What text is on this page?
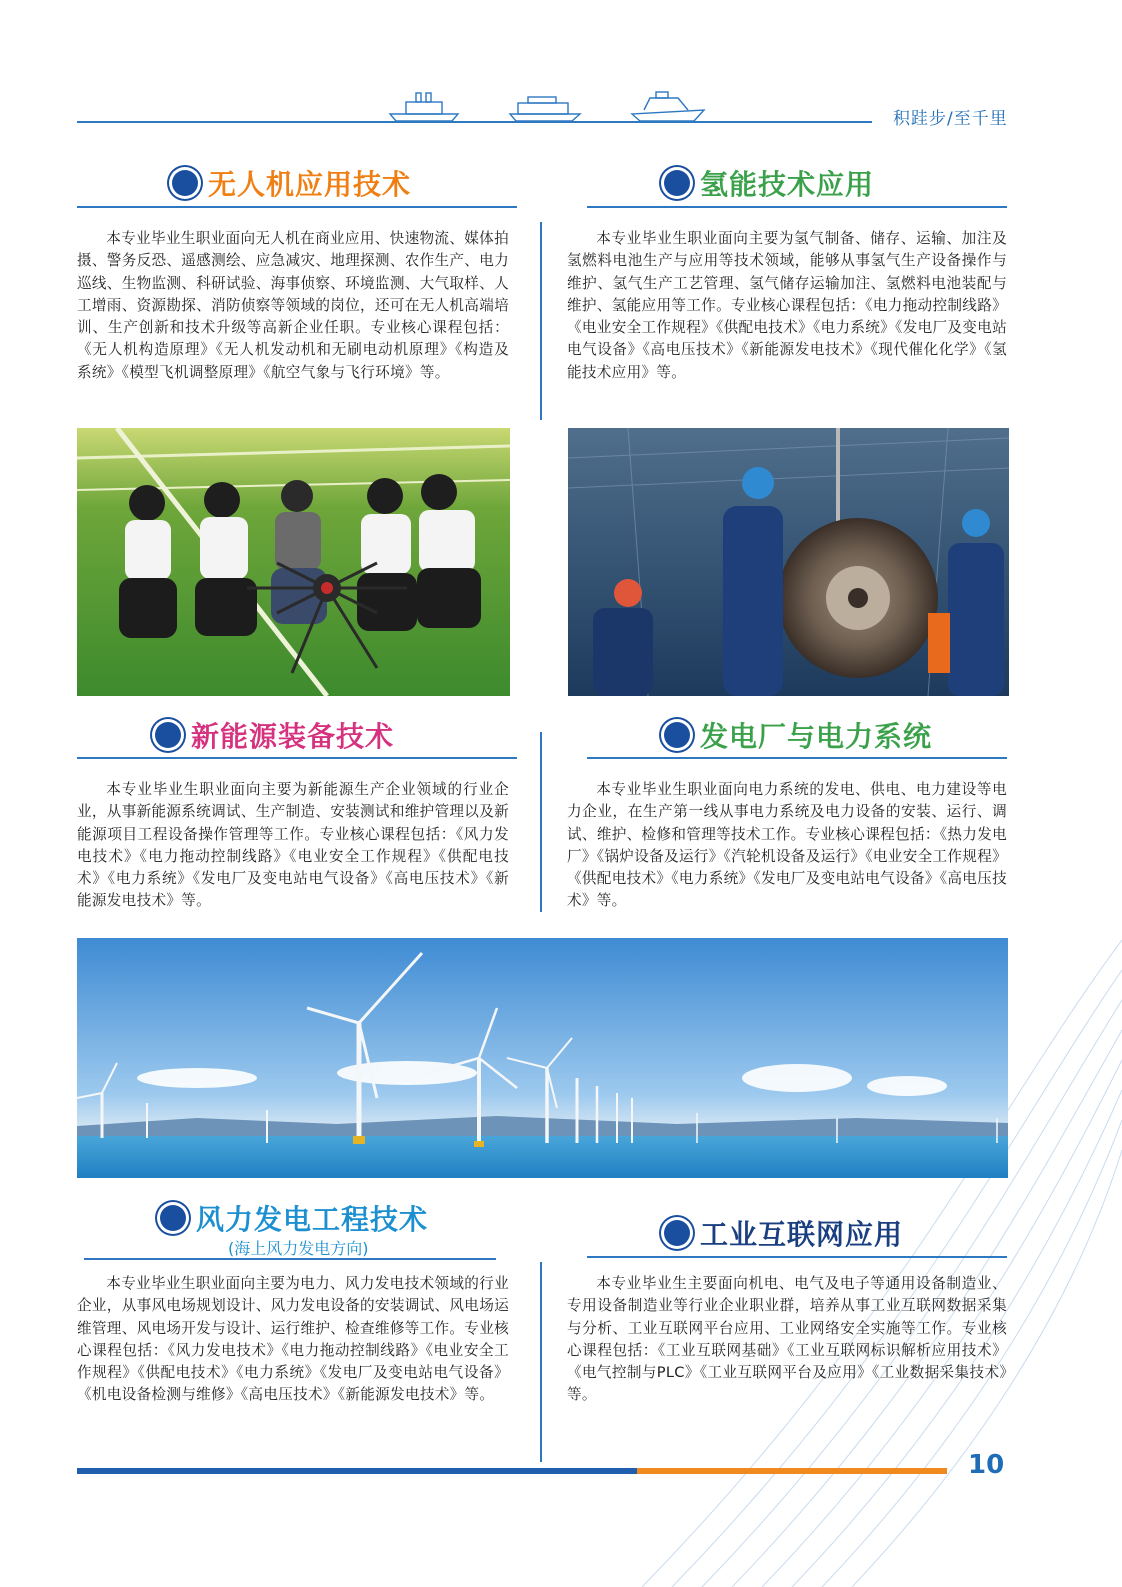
积跬步/至千里
无人机应用技术

本专业毕业生职业面向无人机在商业应用、快速物流、媒体拍摄、警务反恐、遥感测绘、应急减灾、地理探测、农作生产、电力巡线、生物监测、科研试验、海事侦察、环境监测、大气取样、人工增雨、资源勘探、消防侦察等领域的岗位，还可在无人机高端培训、生产创新和技术升级等高新企业任职。专业核心课程包括：《无人机构造原理》《无人机发动机和无刷电动机原理》《构造及系统》《模型飞机调整原理》《航空气象与飞行环境》等。

氢能技术应用

本专业毕业生职业面向主要为氢气制备、储存、运输、加注及氢燃料电池生产与应用等技术领域，能够从事氢气生产设备操作与维护、氢气生产工艺管理、氢气储存运输加注、氢燃料电池装配与维护、氢能应用等工作。专业核心课程包括：《电力拖动控制线路》《电业安全工作规程》《供配电技术》《电力系统》《发电厂及变电站电气设备》《高电压技术》《新能源发电技术》《现代催化化学》《氢能技术应用》等。

新能源装备技术

本专业毕业生职业面向主要为新能源生产企业领域的行业企业，从事新能源系统调试、生产制造、安装测试和维护管理以及新能源项目工程设备操作管理等工作。专业核心课程包括：《风力发电技术》《电力拖动控制线路》《电业安全工作规程》《供配电技术》《电力系统》《发电厂及变电站电气设备》《高电压技术》《新能源发电技术》等。

发电厂与电力系统

本专业毕业生职业面向电力系统的发电、供电、电力建设等电力企业，在生产第一线从事电力系统及电力设备的安装、运行、调试、维护、检修和管理等技术工作。专业核心课程包括：《热力发电厂》《锅炉设备及运行》《汽轮机设备及运行》《电业安全工作规程》《供配电技术》《电力系统》《发电厂及变电站电气设备》《高电压技术》等。

风力发电工程技术
(海上风力发电方向)

本专业毕业生职业面向主要为电力、风力发电技术领域的行业企业，从事风电场规划设计、风力发电设备的安装调试、风电场运维管理、风电场开发与设计、运行维护、检查维修等工作。专业核心课程包括：《风力发电技术》《电力拖动控制线路》《电业安全工作规程》《供配电技术》《电力系统》《发电厂及变电站电气设备》《机电设备检测与维修》《高电压技术》《新能源发电技术》等。

工业互联网应用

本专业毕业生主要面向机电、电气及电子等通用设备制造业、专用设备制造业等行业企业职业群，培养从事工业互联网数据采集与分析、工业互联网平台应用、工业网络安全实施等工作。专业核心课程包括：《工业互联网基础》《工业互联网标识解析应用技术》《电气控制与PLC》《工业互联网平台及应用》《工业数据采集技术》等。

10
